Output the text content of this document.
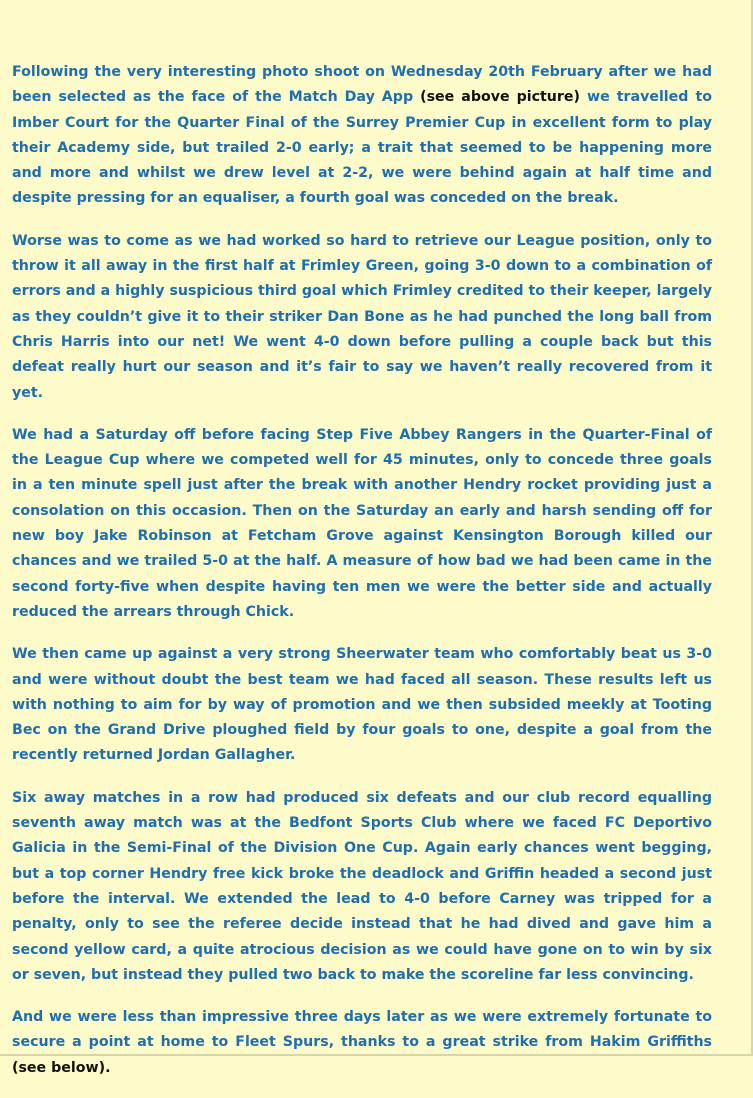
Following the very interesting photo shoot on Wednesday 20th February after we had been selected as the face of the Match Day App (see above picture) we travelled to Imber Court for the Quarter Final of the Surrey Premier Cup in excellent form to play their Academy side, but trailed 2-0 early; a trait that seemed to be happening more and more and whilst we drew level at 2-2, we were behind again at half time and despite pressing for an equaliser, a fourth goal was conceded on the break.

Worse was to come as we had worked so hard to retrieve our League position, only to throw it all away in the first half at Frimley Green, going 3-0 down to a combination of errors and a highly suspicious third goal which Frimley credited to their keeper, largely as they couldn’t give it to their striker Dan Bone as he had punched the long ball from Chris Harris into our net! We went 4-0 down before pulling a couple back but this defeat really hurt our season and it’s fair to say we haven’t really recovered from it yet.

We had a Saturday off before facing Step Five Abbey Rangers in the Quarter-Final of the League Cup where we competed well for 45 minutes, only to concede three goals in a ten minute spell just after the break with another Hendry rocket providing just a consolation on this occasion. Then on the Saturday an early and harsh sending off for new boy Jake Robinson at Fetcham Grove against Kensington Borough killed our chances and we trailed 5-0 at the half. A measure of how bad we had been came in the second forty-five when despite having ten men we were the better side and actually reduced the arrears through Chick.

We then came up against a very strong Sheerwater team who comfortably beat us 3-0 and were without doubt the best team we had faced all season. These results left us with nothing to aim for by way of promotion and we then subsided meekly at Tooting Bec on the Grand Drive ploughed field by four goals to one, despite a goal from the recently returned Jordan Gallagher.

Six away matches in a row had produced six defeats and our club record equalling seventh away match was at the Bedfont Sports Club where we faced FC Deportivo Galicia in the Semi-Final of the Division One Cup. Again early chances went begging, but a top corner Hendry free kick broke the deadlock and Griffin headed a second just before the interval. We extended the lead to 4-0 before Carney was tripped for a penalty, only to see the referee decide instead that he had dived and gave him a second yellow card, a quite atrocious decision as we could have gone on to win by six or seven, but instead they pulled two back to make the scoreline far less convincing.

And we were less than impressive three days later as we were extremely fortunate to secure a point at home to Fleet Spurs, thanks to a great strike from Hakim Griffiths (see below).
